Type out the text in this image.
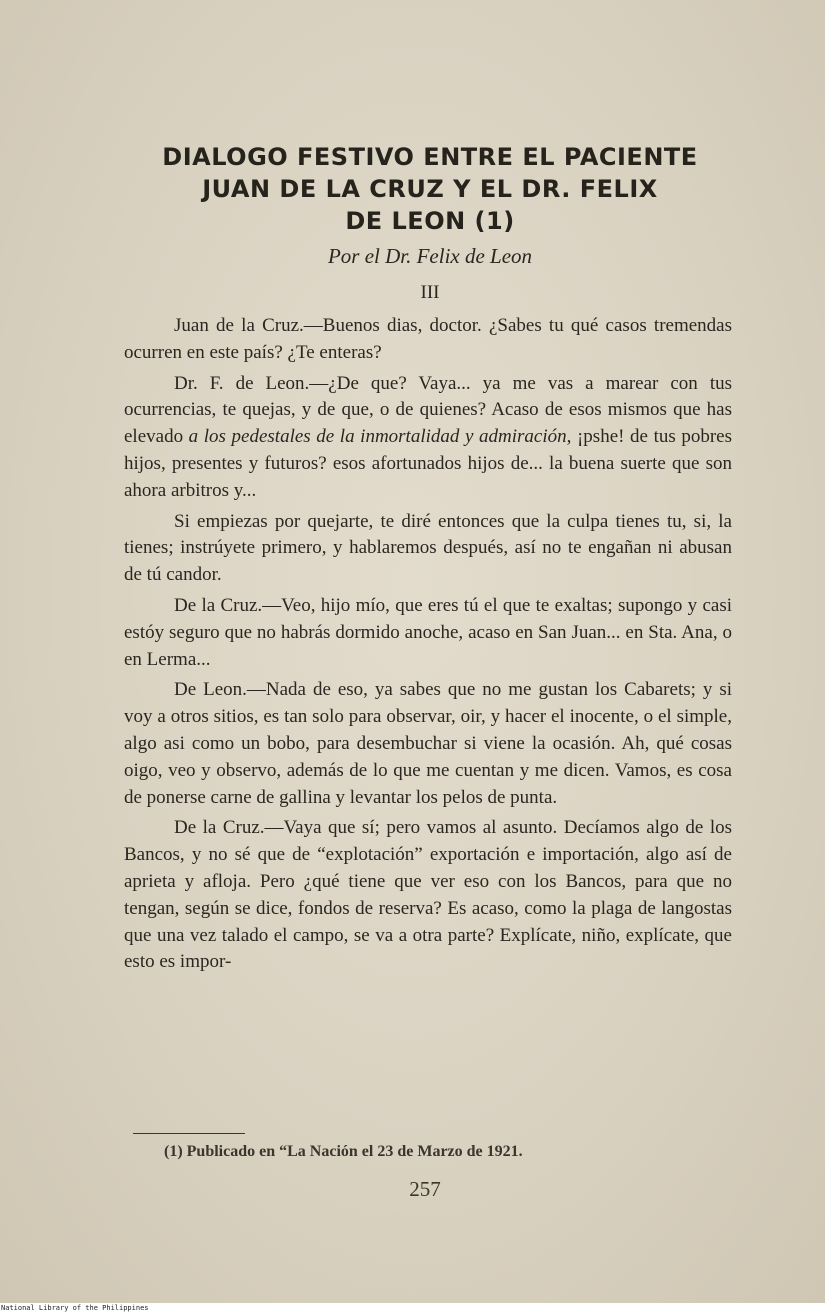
DIALOGO FESTIVO ENTRE EL PACIENTE
JUAN DE LA CRUZ Y EL DR. FELIX
DE LEON (1)
Por el Dr. Felix de Leon
III

Juan de la Cruz.—Buenos dias, doctor. ¿Sabes tu qué casos tremendas ocurren en este país? ¿Te enteras?

Dr. F. de Leon.—¿De que? Vaya... ya me vas a marear con tus ocurrencias, te quejas, y de que, o de quienes? Acaso de esos mismos que has elevado a los pedestales de la inmortalidad y admiración, ¡pshe! de tus pobres hijos, presentes y futuros? esos afortunados hijos de... la buena suerte que son ahora arbitros y...

Si empiezas por quejarte, te diré entonces que la culpa tienes tu, si, la tienes; instrúyete primero, y hablaremos después, así no te engañan ni abusan de tú candor.

De la Cruz.—Veo, hijo mío, que eres tú el que te exaltas; supongo y casi estóy seguro que no habrás dormido anoche, acaso en San Juan... en Sta. Ana, o en Lerma...

De Leon.—Nada de eso, ya sabes que no me gustan los Cabarets; y si voy a otros sitios, es tan solo para observar, oir, y hacer el inocente, o el simple, algo asi como un bobo, para desembuchar si viene la ocasión. Ah, qué cosas oigo, veo y observo, además de lo que me cuentan y me dicen. Vamos, es cosa de ponerse carne de gallina y levantar los pelos de punta.

De la Cruz.—Vaya que sí; pero vamos al asunto. Decíamos algo de los Bancos, y no sé que de “explotación” exportación e importación, algo así de aprieta y afloja. Pero ¿qué tiene que ver eso con los Bancos, para que no tengan, según se dice, fondos de reserva? Es acaso, como la plaga de langostas que una vez talado el campo, se va a otra parte? Explícate, niño, explícate, que esto es impor-

(1) Publicado en “La Nación el 23 de Marzo de 1921.
257
National Library of the Philippines
